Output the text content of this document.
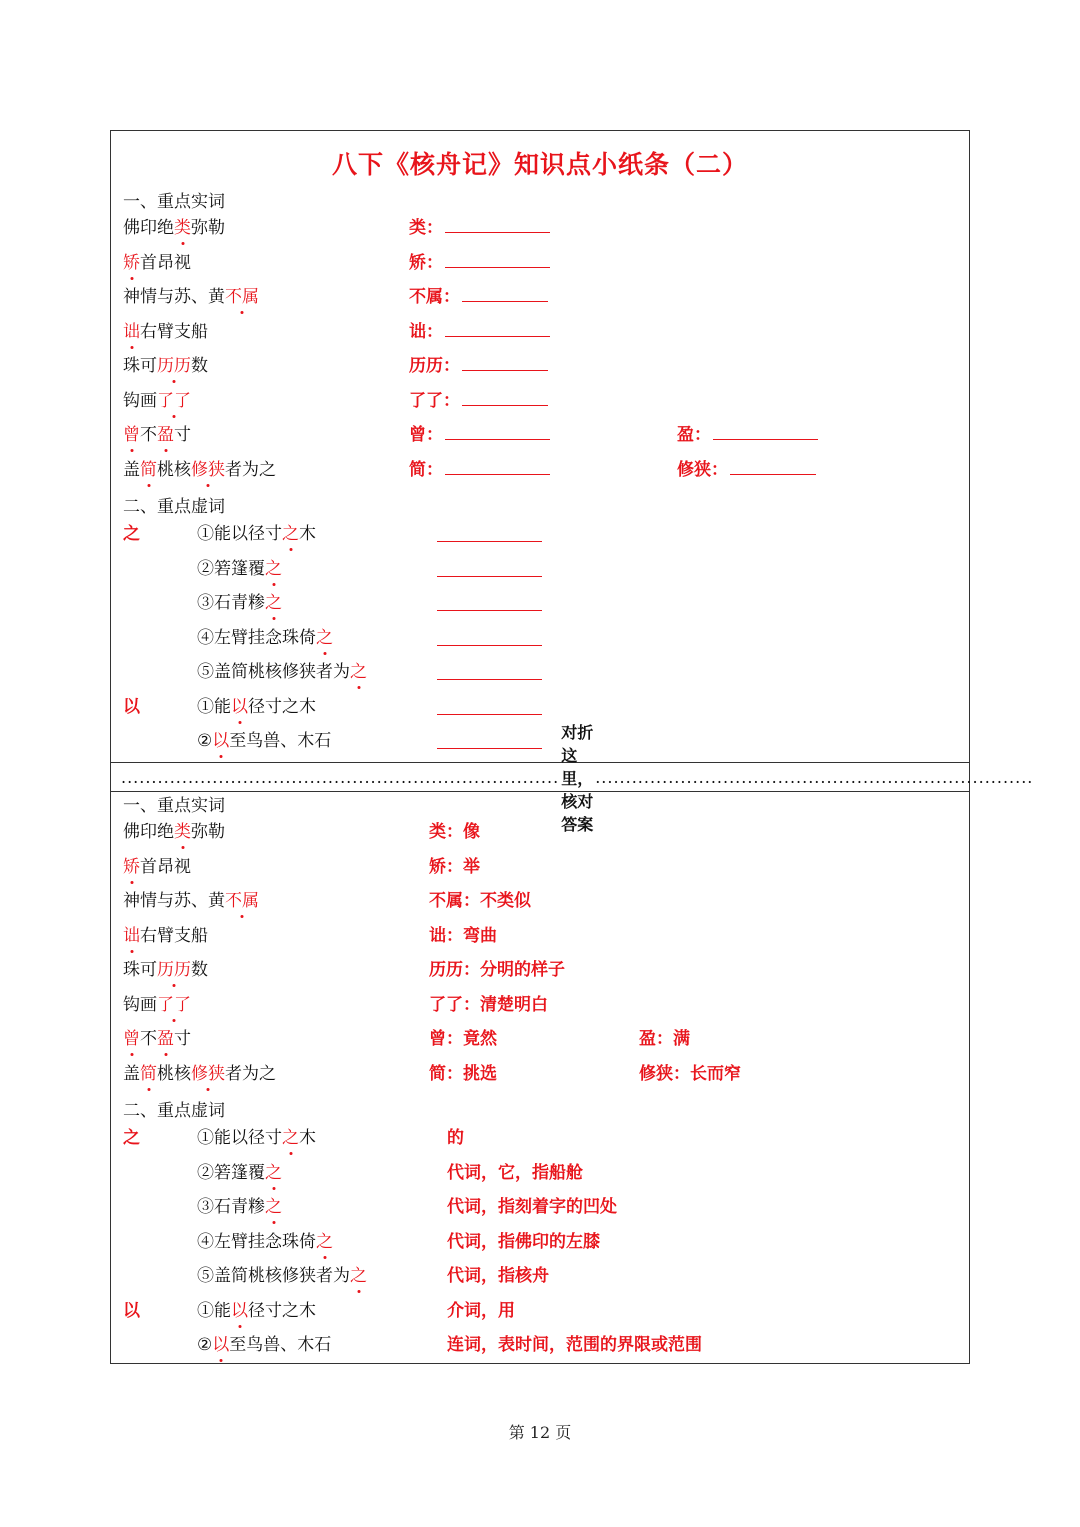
八下《核舟记》知识点小纸条（二）
一、重点实词
佛印绝类弥勒	类：
矫首昂视	矫：
神情与苏、黄不属	不属：
诎右臂支船	诎：
珠可历历数	历历：
钩画了了	了了：
曾不盈寸	曾：	盈：
盖简桃核修狭者为之	简：	修狭：
二、重点虚词
之	①能以径寸之木
②箬篷覆之
③石青糁之
④左臂挂念珠倚之
⑤盖简桃核修狭者为之
以	①能以径寸之木
②以至鸟兽、木石
........................................................................
对折这里，核对答案
........................................................................
一、重点实词
佛印绝类弥勒	类：像
矫首昂视	矫：举
神情与苏、黄不属	不属：不类似
诎右臂支船	诎：弯曲
珠可历历数	历历：分明的样子
钩画了了	了了：清楚明白
曾不盈寸	曾：竟然	盈：满
盖简桃核修狭者为之	简：挑选	修狭：长而窄
二、重点虚词
之	①能以径寸之木	的
②箬篷覆之	代词，它，指船舱
③石青糁之	代词，指刻着字的凹处
④左臂挂念珠倚之	代词，指佛印的左膝
⑤盖简桃核修狭者为之	代词，指核舟
以	①能以径寸之木	介词，用
②以至鸟兽、木石	连词，表时间，范围的界限或范围
第 12 页
